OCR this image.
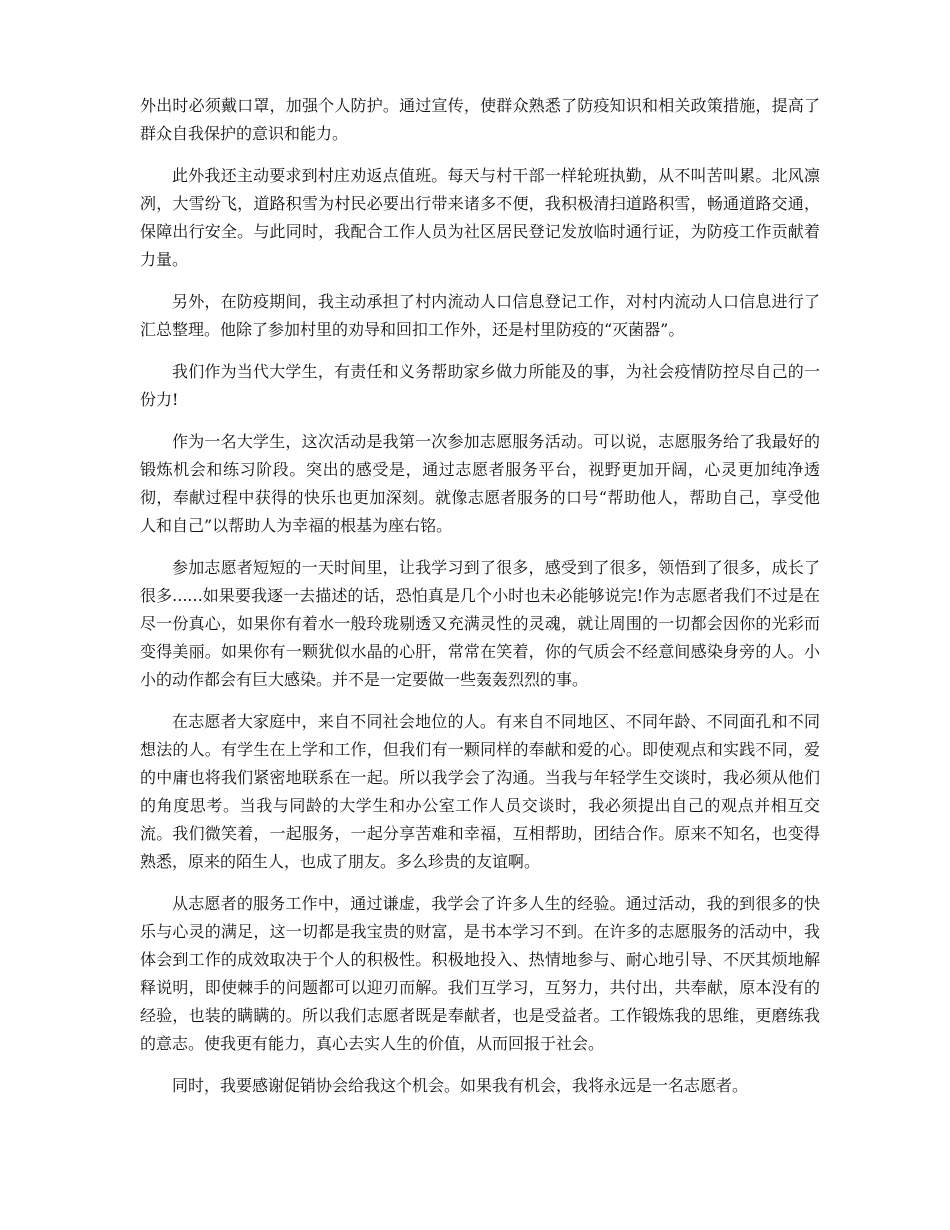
外出时必须戴口罩，加强个人防护。通过宣传，使群众熟悉了防疫知识和相关政策措施，提高了群众自我保护的意识和能力。

此外我还主动要求到村庄劝返点值班。每天与村干部一样轮班执勤，从不叫苦叫累。北风凛冽，大雪纷飞，道路积雪为村民必要出行带来诸多不便，我积极清扫道路积雪，畅通道路交通，保障出行安全。与此同时，我配合工作人员为社区居民登记发放临时通行证，为防疫工作贡献着力量。

另外，在防疫期间，我主动承担了村内流动人口信息登记工作，对村内流动人口信息进行了汇总整理。他除了参加村里的劝导和回扣工作外，还是村里防疫的“灭菌器”。

我们作为当代大学生，有责任和义务帮助家乡做力所能及的事，为社会疫情防控尽自己的一份力!

作为一名大学生，这次活动是我第一次参加志愿服务活动。可以说，志愿服务给了我最好的锻炼机会和练习阶段。突出的感受是，通过志愿者服务平台，视野更加开阔，心灵更加纯净透彻，奉献过程中获得的快乐也更加深刻。就像志愿者服务的口号“帮助他人，帮助自己，享受他人和自己”以帮助人为幸福的根基为座右铭。

参加志愿者短短的一天时间里，让我学习到了很多，感受到了很多，领悟到了很多，成长了很多......如果要我逐一去描述的话，恐怕真是几个小时也未必能够说完!作为志愿者我们不过是在尽一份真心，如果你有着水一般玲珑剔透又充满灵性的灵魂，就让周围的一切都会因你的光彩而变得美丽。如果你有一颗犹似水晶的心肝，常常在笑着，你的气质会不经意间感染身旁的人。小小的动作都会有巨大感染。并不是一定要做一些轰轰烈烈的事。

在志愿者大家庭中，来自不同社会地位的人。有来自不同地区、不同年龄、不同面孔和不同想法的人。有学生在上学和工作，但我们有一颗同样的奉献和爱的心。即使观点和实践不同，爱的中庸也将我们紧密地联系在一起。所以我学会了沟通。当我与年轻学生交谈时，我必须从他们的角度思考。当我与同龄的大学生和办公室工作人员交谈时，我必须提出自己的观点并相互交流。我们微笑着，一起服务，一起分享苦难和幸福，互相帮助，团结合作。原来不知名，也变得熟悉，原来的陌生人，也成了朋友。多么珍贵的友谊啊。

从志愿者的服务工作中，通过谦虚，我学会了许多人生的经验。通过活动，我的到很多的快乐与心灵的满足，这一切都是我宝贵的财富，是书本学习不到。在许多的志愿服务的活动中，我体会到工作的成效取决于个人的积极性。积极地投入、热情地参与、耐心地引导、不厌其烦地解释说明，即使棘手的问题都可以迎刃而解。我们互学习，互努力，共付出，共奉献，原本没有的经验，也装的瞒瞒的。所以我们志愿者既是奉献者，也是受益者。工作锻炼我的思维，更磨练我的意志。使我更有能力，真心去实人生的价值，从而回报于社会。

同时，我要感谢促销协会给我这个机会。如果我有机会，我将永远是一名志愿者。
